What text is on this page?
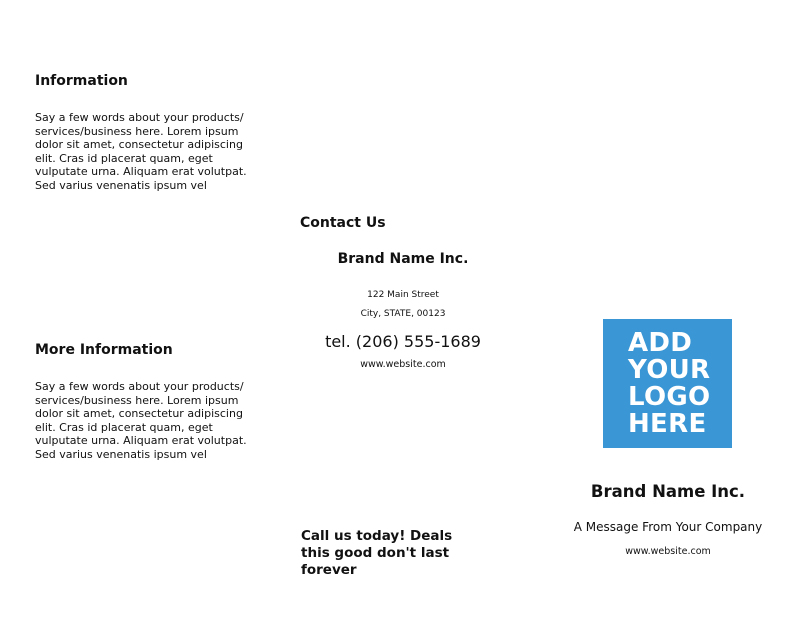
Information
Say a few words about your products/ services/business here. Lorem ipsum dolor sit amet, consectetur adipiscing elit. Cras id placerat quam, eget vulputate urna. Aliquam erat volutpat. Sed varius venenatis ipsum vel
More Information
Say a few words about your products/ services/business here. Lorem ipsum dolor sit amet, consectetur adipiscing elit. Cras id placerat quam, eget vulputate urna. Aliquam erat volutpat. Sed varius venenatis ipsum vel
Contact Us
Brand Name Inc.
122 Main Street
City, STATE, 00123
tel. (206) 555-1689
www.website.com
Call us today! Deals this good don't last forever
ADD
YOUR
LOGO
HERE
Brand Name Inc.
A Message From Your Company
www.website.com
